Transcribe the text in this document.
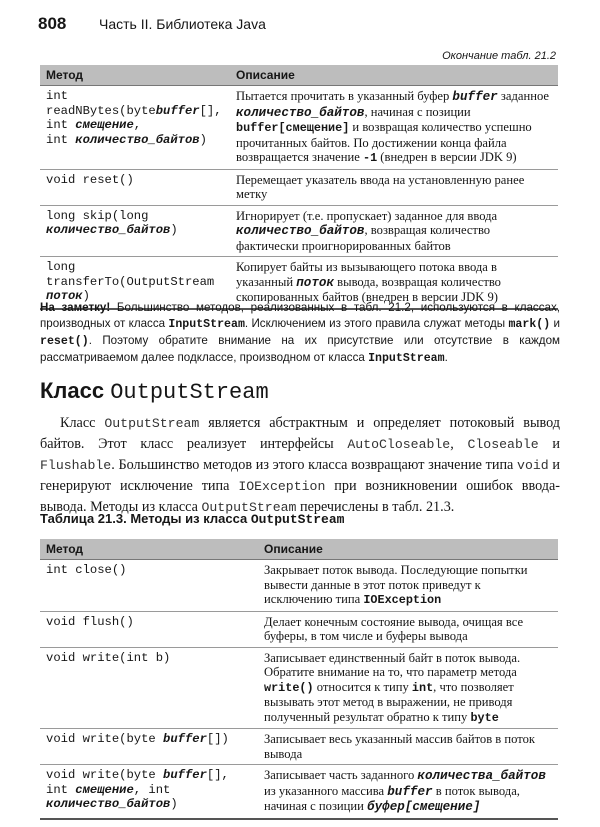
808 Часть II. Библиотека Java
Окончание табл. 21.2
Метод	Описание
int readNBytes(bytebuffer[], int смещение,
int количество_байтов)	Пытается прочитать в указанный буфер buffer заданное количество_байтов, начиная с позиции buffer[смещение] и возвращая количество успешно прочитанных байтов. По достижении конца файла возвращается значение -1 (внедрен в версии JDK 9)
void reset()	Перемещает указатель ввода на установленную ранее метку
long skip(long
количество_байтов)	Игнорирует (т.е. пропускает) заданное для ввода количество_байтов, возвращая количество фактически проигнорированных байтов
long
transferTo(OutputStream
поток)	Копирует байты из вызывающего потока ввода в указанный поток вывода, возвращая количество скопированных байтов (внедрен в версии JDK 9)
На заметку! Большинство методов, реализованных в табл. 21.2, используются в классах, производных от класса InputStream. Исключением из этого правила служат методы mark() и reset(). Поэтому обратите внимание на их присутствие или отсутствие в каждом рассматриваемом далее подклассе, производном от класса InputStream.
Класс OutputStream
Класс OutputStream является абстрактным и определяет потоковый вывод байтов. Этот класс реализует интерфейсы AutoCloseable, Closeable и Flushable. Большинство методов из этого класса возвращают значение типа void и генерируют исключение типа IOException при возникновении ошибок ввода-вывода. Методы из класса OutputStream перечислены в табл. 21.3.
Таблица 21.3. Методы из класса OutputStream
Метод	Описание
int close()	Закрывает поток вывода. Последующие попытки вывести данные в этот поток приведут к исключению типа IOException
void flush()	Делает конечным состояние вывода, очищая все буферы, в том числе и буферы вывода
void write(int b)	Записывает единственный байт в поток вывода. Обратите внимание на то, что параметр метода write() относится к типу int, что позволяет вызывать этот метод в выражении, не приводя полученный результат обратно к типу byte
void write(byte buffer[])	Записывает весь указанный массив байтов в поток вывода
void write(byte buffer[],
int смещение, int
количество_байтов)	Записывает часть заданного количества_байтов из указанного массива buffer в поток вывода, начиная с позиции буфер[смещение]
